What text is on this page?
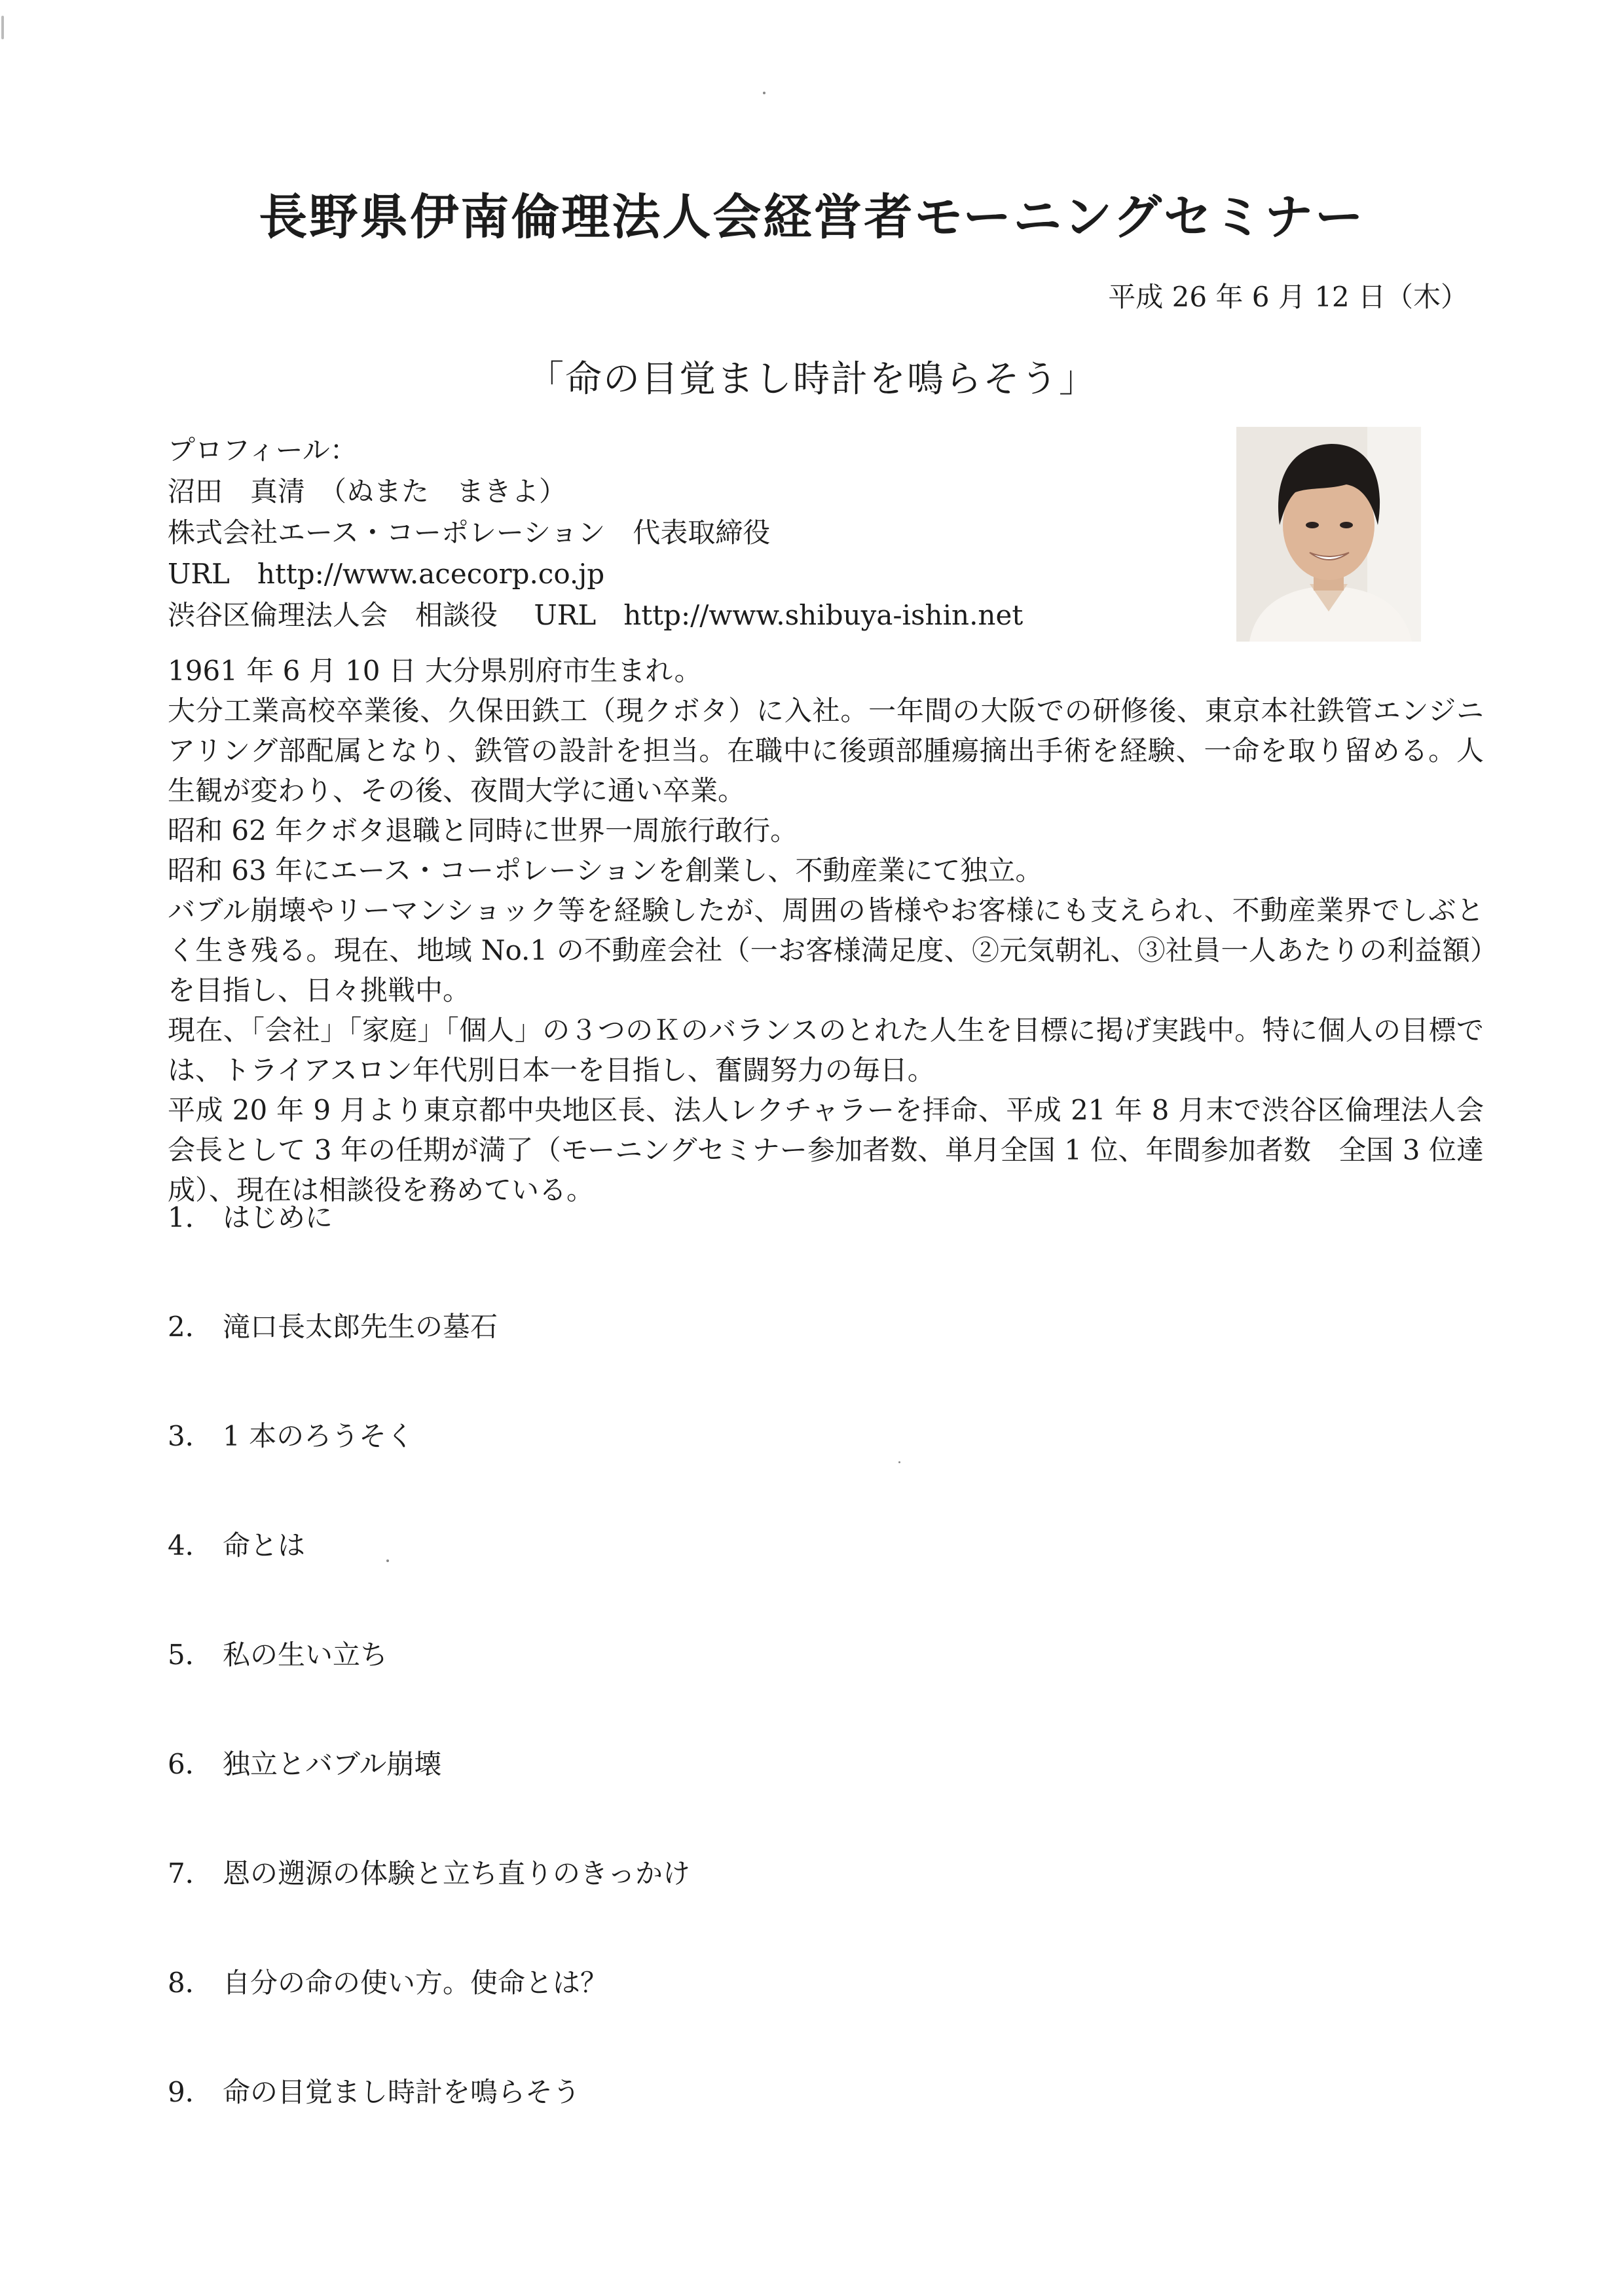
長野県伊南倫理法人会経営者モーニングセミナー
平成 26 年 6 月 12 日（木）
「命の目覚まし時計を鳴らそう」
プロフィール：
沼田　真清　（ぬまた　まきよ）
株式会社エース・コーポレーション　代表取締役
URL　http://www.acecorp.co.jp
渋谷区倫理法人会　相談役　 URL　http://www.shibuya-ishin.net

1961 年 6 月 10 日 大分県別府市生まれ。

大分工業高校卒業後、久保田鉄工（現クボタ）に入社。一年間の大阪での研修後、東京本社鉄管エンジニアリング部配属となり、鉄管の設計を担当。在職中に後頭部腫瘍摘出手術を経験、一命を取り留める。人生観が変わり、その後、夜間大学に通い卒業。

昭和 62 年クボタ退職と同時に世界一周旅行敢行。

昭和 63 年にエース・コーポレーションを創業し、不動産業にて独立。

バブル崩壊やリーマンショック等を経験したが、周囲の皆様やお客様にも支えられ、不動産業界でしぶとく生き残る。現在、地域 No.1 の不動産会社（一お客様満足度、②元気朝礼、③社員一人あたりの利益額）を目指し、日々挑戦中。

現在、「会社」「家庭」「個人」の３つのＫのバランスのとれた人生を目標に掲げ実践中。特に個人の目標では、トライアスロン年代別日本一を目指し、奮闘努力の毎日。

平成 20 年 9 月より東京都中央地区長、法人レクチャラーを拝命、平成 21 年 8 月末で渋谷区倫理法人会会長として 3 年の任期が満了（モーニングセミナー参加者数、単月全国 1 位、年間参加者数　全国 3 位達成）、現在は相談役を務めている。

1． はじめに
2． 滝口長太郎先生の墓石
3． 1 本のろうそく
4． 命とは
5． 私の生い立ち
6． 独立とバブル崩壊
7． 恩の遡源の体験と立ち直りのきっかけ
8． 自分の命の使い方。使命とは？
9． 命の目覚まし時計を鳴らそう
